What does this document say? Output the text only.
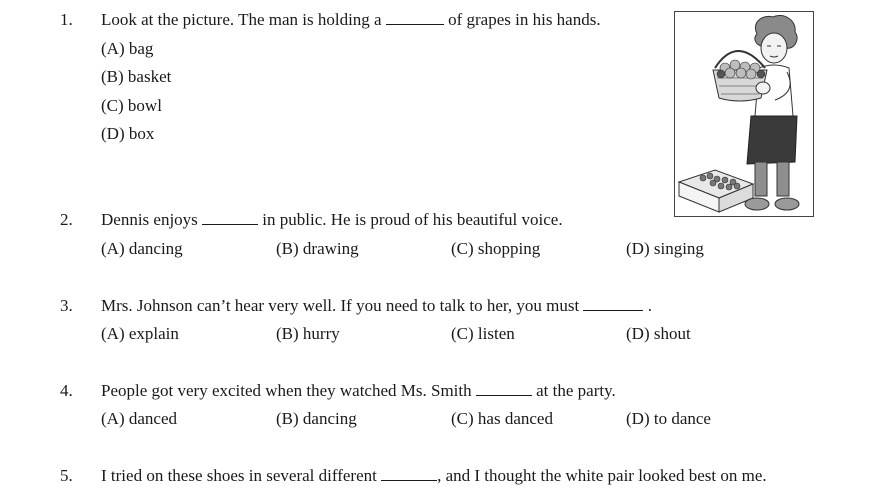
1. Look at the picture. The man is holding a	of grapes in his hands.
(A) bag
(B) basket
(C) bowl
(D) box
2. Dennis enjoys	in public. He is proud of his beautiful voice.
(A) dancing	(B) drawing	(C) shopping	(D) singing
3. Mrs. Johnson can’t hear very well. If you need to talk to her, you must	.
(A) explain	(B) hurry	(C) listen	(D) shout
4. People got very excited when they watched Ms. Smith	at the party.
(A) danced	(B) dancing	(C) has danced	(D) to dance
5. I tried on these shoes in several different	, and I thought the white pair looked best on me.
